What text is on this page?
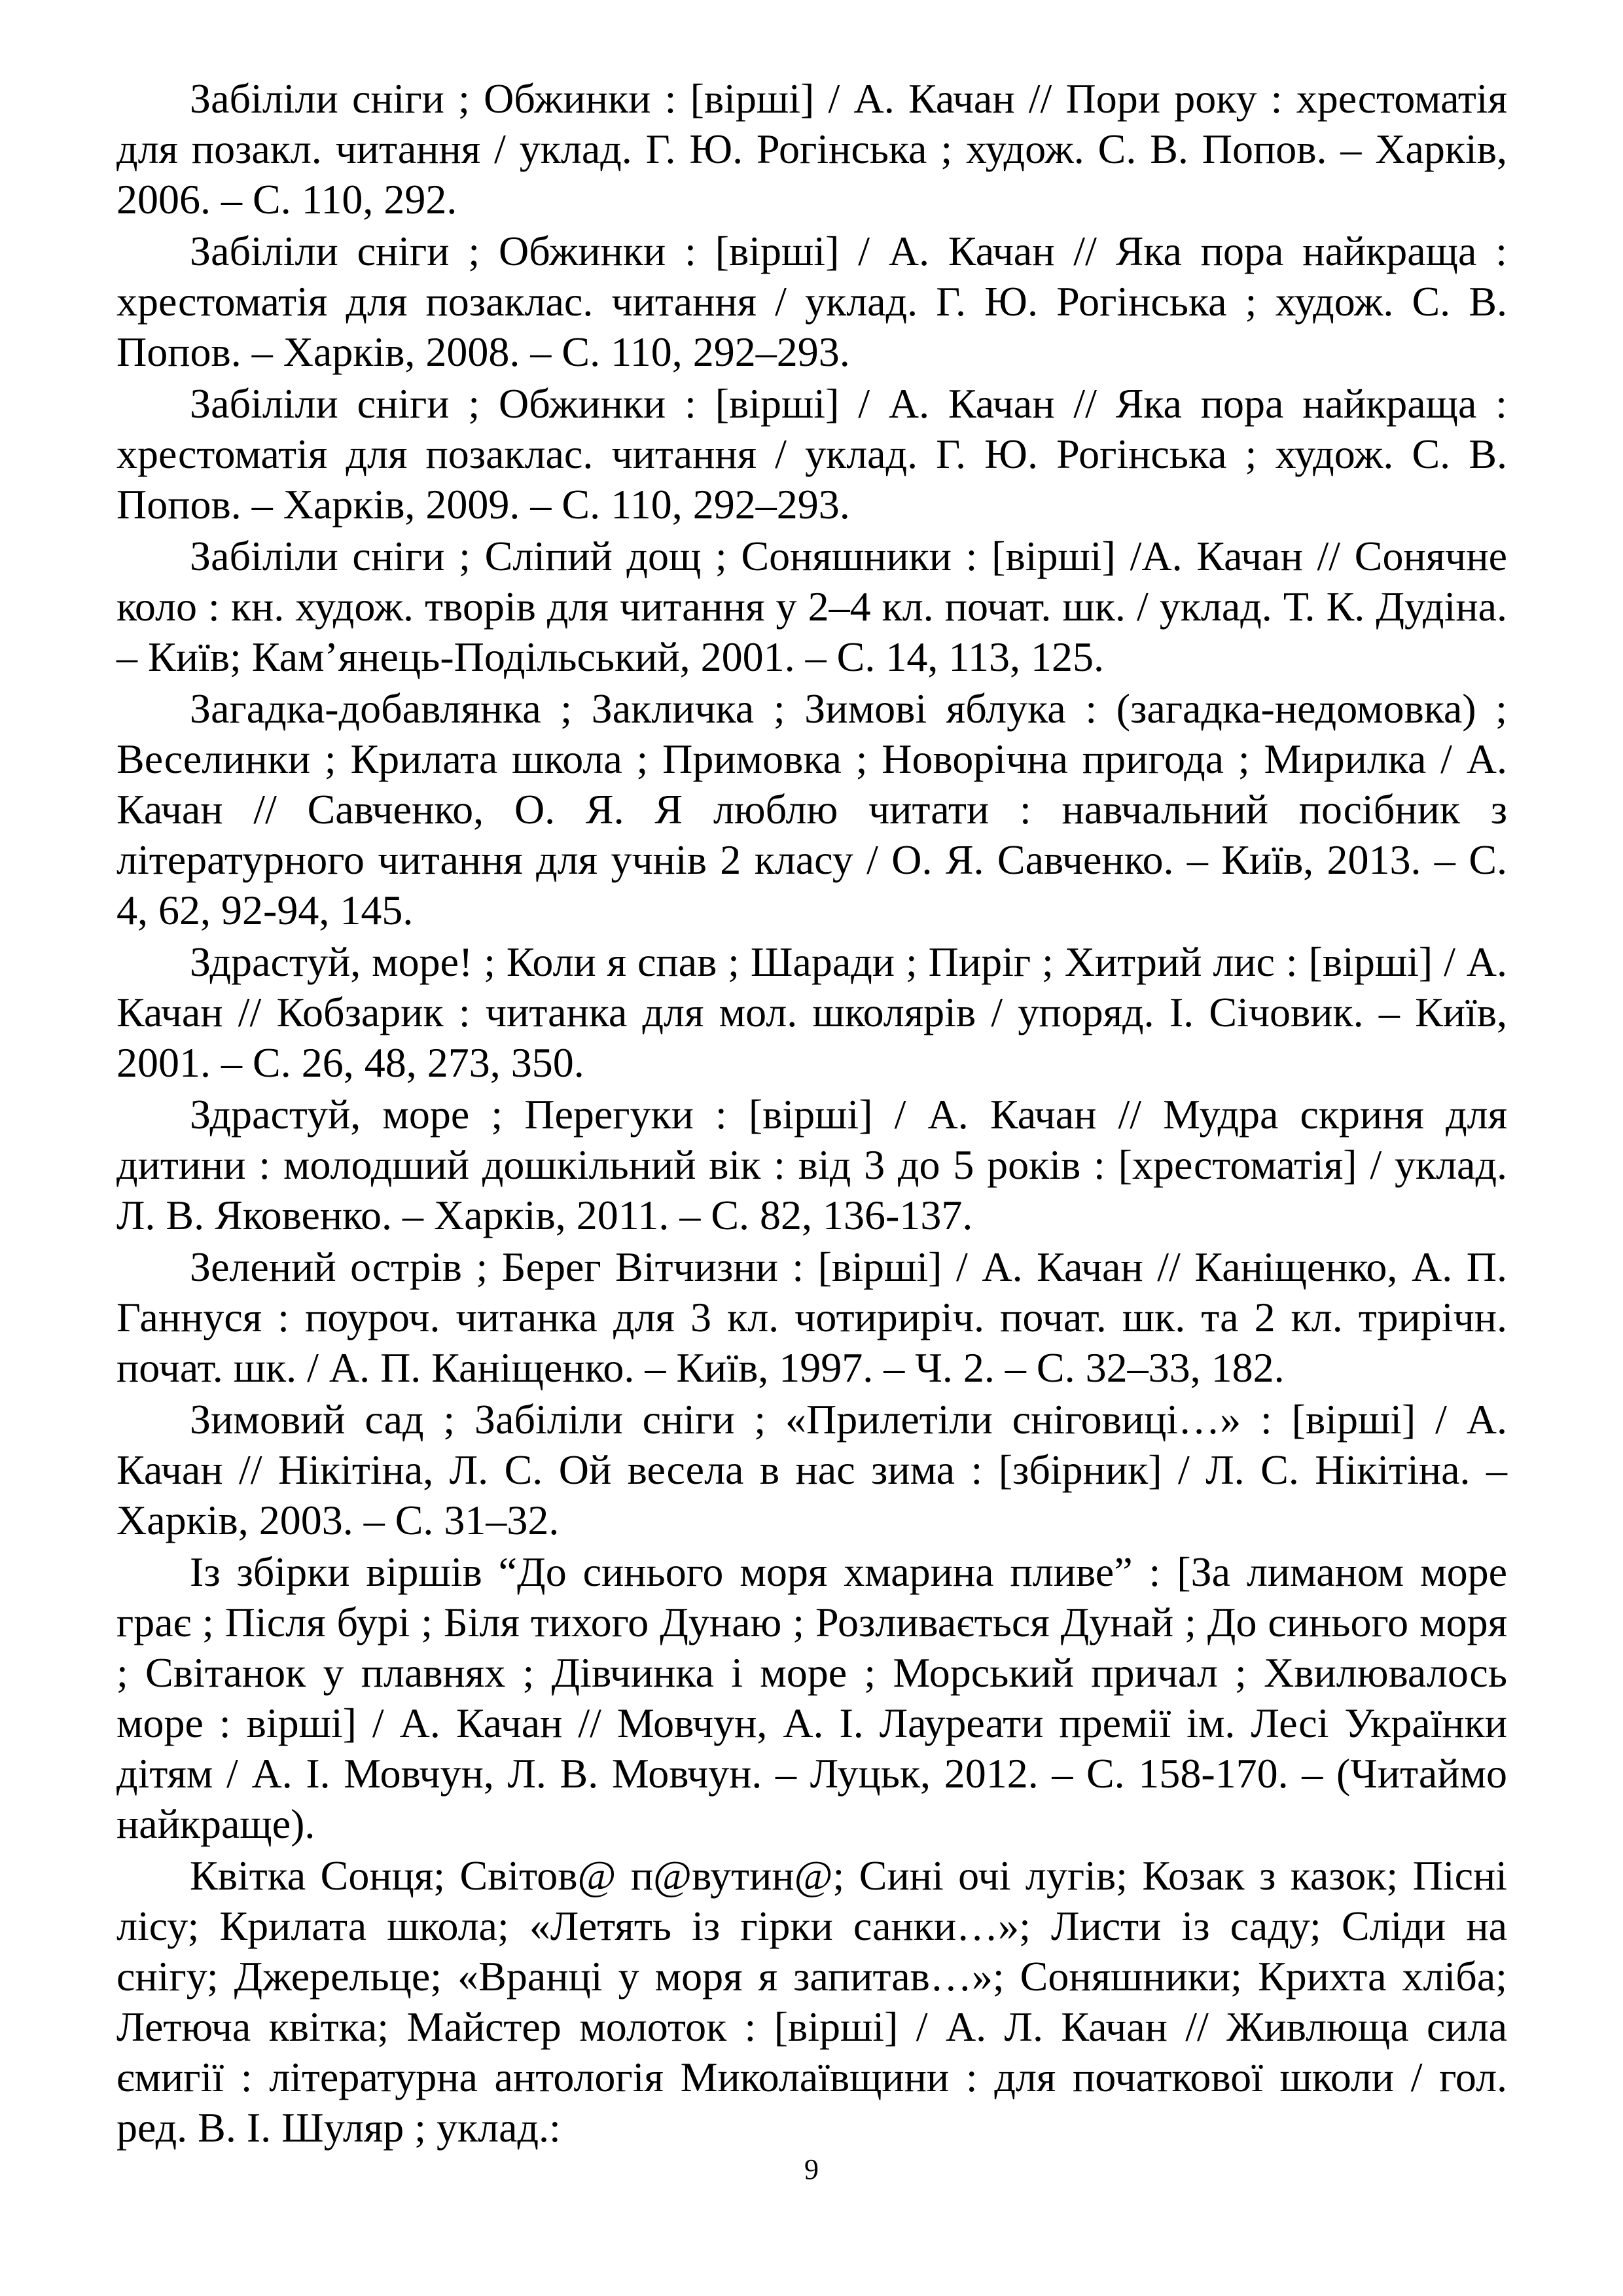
Забіліли сніги ; Обжинки : [вірші] / А. Качан // Пори року : хрестоматія для позакл. читання / уклад. Г. Ю. Рогінська ; худож. С. В. Попов. – Харків, 2006. – С. 110, 292.

Забіліли сніги ; Обжинки : [вірші] / А. Качан // Яка пора найкраща : хрестоматія для позаклас. читання / уклад. Г. Ю. Рогінська ; худож. С. В. Попов. – Харків, 2008. – С. 110, 292–293.

Забіліли сніги ; Обжинки : [вірші] / А. Качан // Яка пора найкраща : хрестоматія для позаклас. читання / уклад. Г. Ю. Рогінська ; худож. С. В. Попов. – Харків, 2009. – С. 110, 292–293.

Забіліли сніги ; Сліпий дощ ; Соняшники : [вірші] /А. Качан // Сонячне коло : кн. худож. творів для читання у 2–4 кл. почат. шк. / уклад. Т. К. Дудіна. – Київ; Кам’янець-Подільський, 2001. – С. 14, 113, 125.

Загадка-добавлянка ; Закличка ; Зимові яблука : (загадка-недомовка) ; Веселинки ; Крилата школа ; Примовка ; Новорічна пригода ; Мирилка / А. Качан // Савченко, О. Я. Я люблю читати : навчальний посібник з літературного читання для учнів 2 класу / О. Я. Савченко. – Київ, 2013. – С. 4, 62, 92-94, 145.

Здрастуй, море! ; Коли я спав ; Шаради ; Пиріг ; Хитрий лис : [вірші] / А. Качан // Кобзарик : читанка для мол. школярів / упоряд. І. Січовик. – Київ, 2001. – С. 26, 48, 273, 350.

Здрастуй, море ; Перегуки : [вірші] / А. Качан // Мудра скриня для дитини : молодший дошкільний вік : від 3 до 5 років : [хрестоматія] / уклад. Л. В. Яковенко. – Харків, 2011. – С. 82, 136-137.

Зелений острів ; Берег Вітчизни : [вірші] / А. Качан // Каніщенко, А. П. Ганнуся : поуроч. читанка для 3 кл. чотириріч. почат. шк. та 2 кл. трирічн. почат. шк. / А. П. Каніщенко. – Київ, 1997. – Ч. 2. – С. 32–33, 182.

Зимовий сад ; Забіліли сніги ; «Прилетіли сніговиці…» : [вірші] / А. Качан // Нікітіна, Л. С. Ой весела в нас зима : [збірник] / Л. С. Нікітіна. – Харків, 2003. – С. 31–32.

Із збірки віршів “До синього моря хмарина пливе” : [За лиманом море грає ; Після бурі ; Біля тихого Дунаю ; Розливається Дунай ; До синього моря ; Світанок у плавнях ; Дівчинка і море ; Морський причал ; Хвилювалось море : вірші] / А. Качан // Мовчун, А. І. Лауреати премії ім. Лесі Українки дітям / А. І. Мовчун, Л. В. Мовчун. – Луцьк, 2012. – С. 158-170. – (Читаймо найкраще).

Квітка Сонця; Світов@ п@вутин@; Сині очі лугів; Козак з казок; Пісні лісу; Крилата школа; «Летять із гірки санки…»; Листи із саду; Сліди на снігу; Джерельце; «Вранці у моря я запитав…»; Соняшники; Крихта хліба; Летюча квітка; Майстер молоток : [вірші] / А. Л. Качан // Живлюща сила ємигії : літературна антологія Миколаївщини : для початкової школи / гол. ред. В. І. Шуляр ; уклад.:

9
